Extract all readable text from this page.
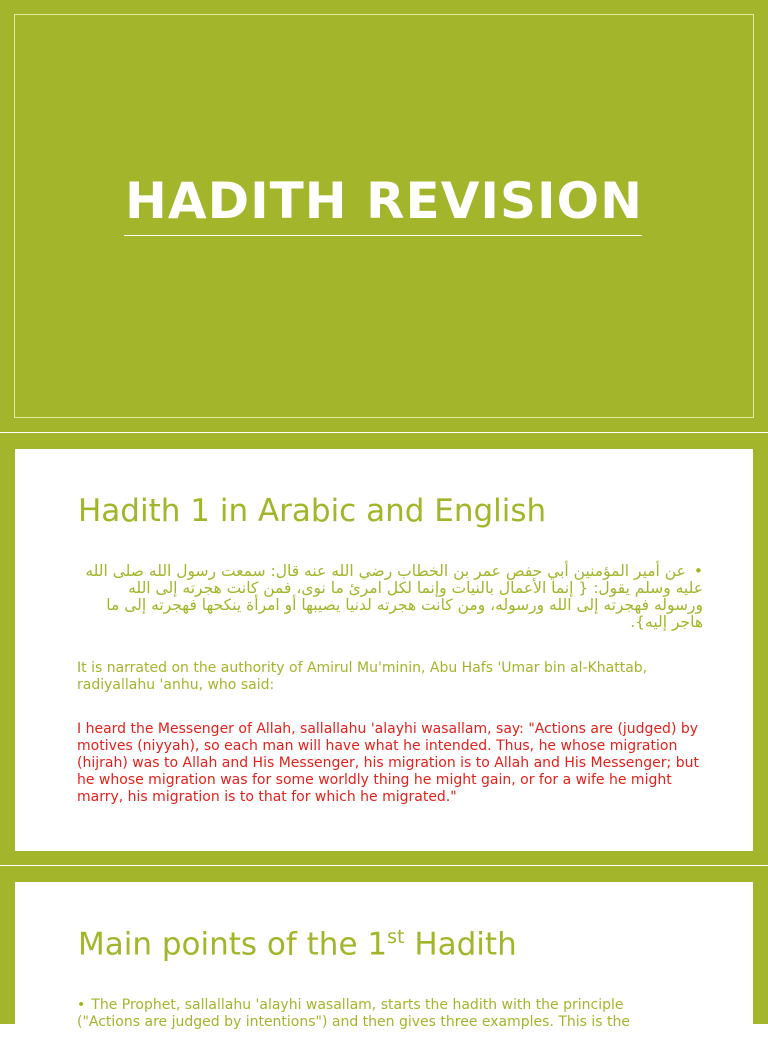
HADITH REVISION
Hadith 1 in Arabic and English
•عن أمير المؤمنين أبي حفص عمر بن الخطاب رضي الله عنه قال: سمعت رسول الله صلى الله عليه وسلم يقول: { إنما الأعمال بالنيات وإنما لكل امرئ ما نوى، فمن كانت هجرته إلى الله ورسوله فهجرته إلى الله ورسوله، ومن كانت هجرته لدنيا يصيبها أو امرأة ينكحها فهجرته إلى ما هاجر إليه}.
It is narrated on the authority of Amirul Mu'minin, Abu Hafs 'Umar bin al-Khattab, radiyallahu 'anhu, who said:
I heard the Messenger of Allah, sallallahu 'alayhi wasallam, say: "Actions are (judged) by motives (niyyah), so each man will have what he intended. Thus, he whose migration (hijrah) was to Allah and His Messenger, his migration is to Allah and His Messenger; but he whose migration was for some worldly thing he might gain, or for a wife he might marry, his migration is to that for which he migrated."
Main points of the 1st Hadith
• The Prophet, sallallahu 'alayhi wasallam, starts the hadith with the principle
("Actions are judged by intentions") and then gives three examples. This is the
